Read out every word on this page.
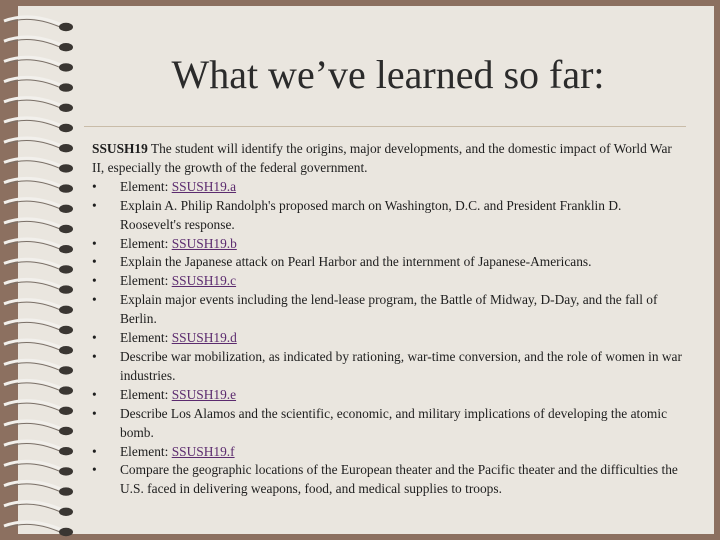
What we’ve learned so far:
SSUSH19 The student will identify the origins, major developments, and the domestic impact of World War II, especially the growth of the federal government.
•	Element: SSUSH19.a
•	Explain A. Philip Randolph's proposed march on Washington, D.C. and President Franklin D. Roosevelt's response.
•	Element: SSUSH19.b
•	Explain the Japanese attack on Pearl Harbor and the internment of Japanese-Americans.
•	Element: SSUSH19.c
•	Explain major events including the lend-lease program, the Battle of Midway, D-Day, and the fall of Berlin.
•	Element: SSUSH19.d
•	Describe war mobilization, as indicated by rationing, war-time conversion, and the role of women in war industries.
•	Element: SSUSH19.e
•	Describe Los Alamos and the scientific, economic, and military implications of developing the atomic bomb.
•	Element: SSUSH19.f
•	Compare the geographic locations of the European theater and the Pacific theater and the difficulties the U.S. faced in delivering weapons, food, and medical supplies to troops.
